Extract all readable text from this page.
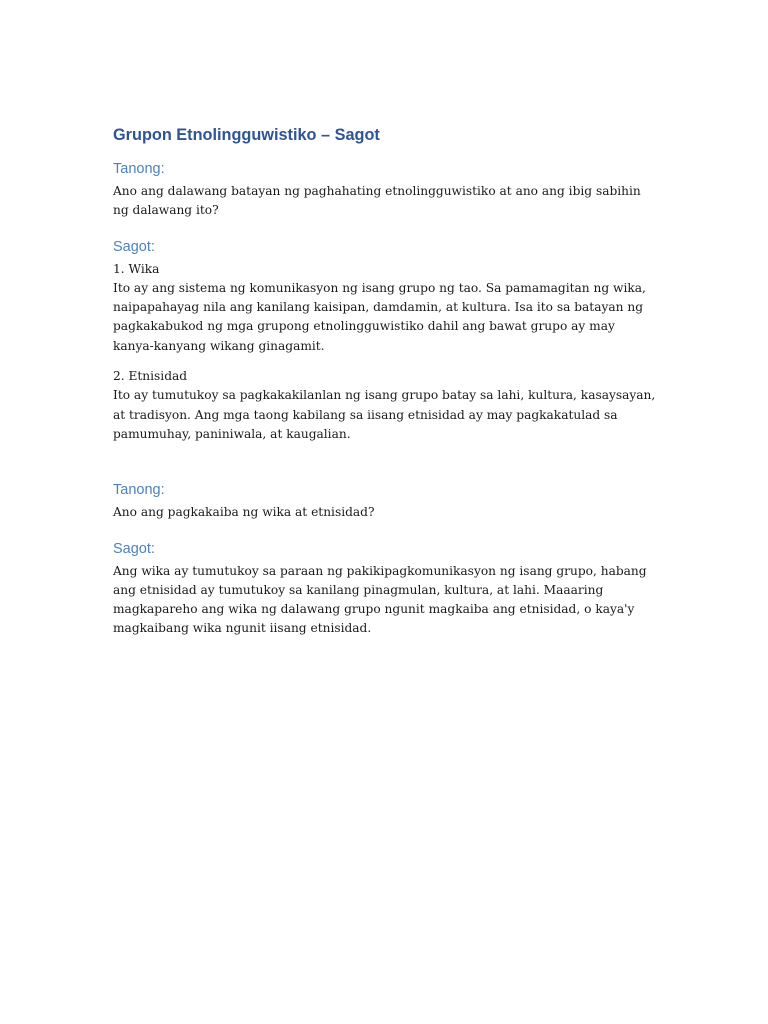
Grupon Etnolingguwistiko – Sagot
Tanong:

Ano ang dalawang batayan ng paghahating etnolingguwistiko at ano ang ibig sabihin ng dalawang ito?

Sagot:
1. Wika

Ito ay ang sistema ng komunikasyon ng isang grupo ng tao. Sa pamamagitan ng wika, naipapahayag nila ang kanilang kaisipan, damdamin, at kultura. Isa ito sa batayan ng pagkakabukod ng mga grupong etnolingguwistiko dahil ang bawat grupo ay may kanya-kanyang wikang ginagamit.

2. Etnisidad

Ito ay tumutukoy sa pagkakakilanlan ng isang grupo batay sa lahi, kultura, kasaysayan, at tradisyon. Ang mga taong kabilang sa iisang etnisidad ay may pagkakatulad sa pamumuhay, paniniwala, at kaugalian.

Tanong:

Ano ang pagkakaiba ng wika at etnisidad?

Sagot:

Ang wika ay tumutukoy sa paraan ng pakikipagkomunikasyon ng isang grupo, habang ang etnisidad ay tumutukoy sa kanilang pinagmulan, kultura, at lahi. Maaaring magkapareho ang wika ng dalawang grupo ngunit magkaiba ang etnisidad, o kaya'y magkaibang wika ngunit iisang etnisidad.
